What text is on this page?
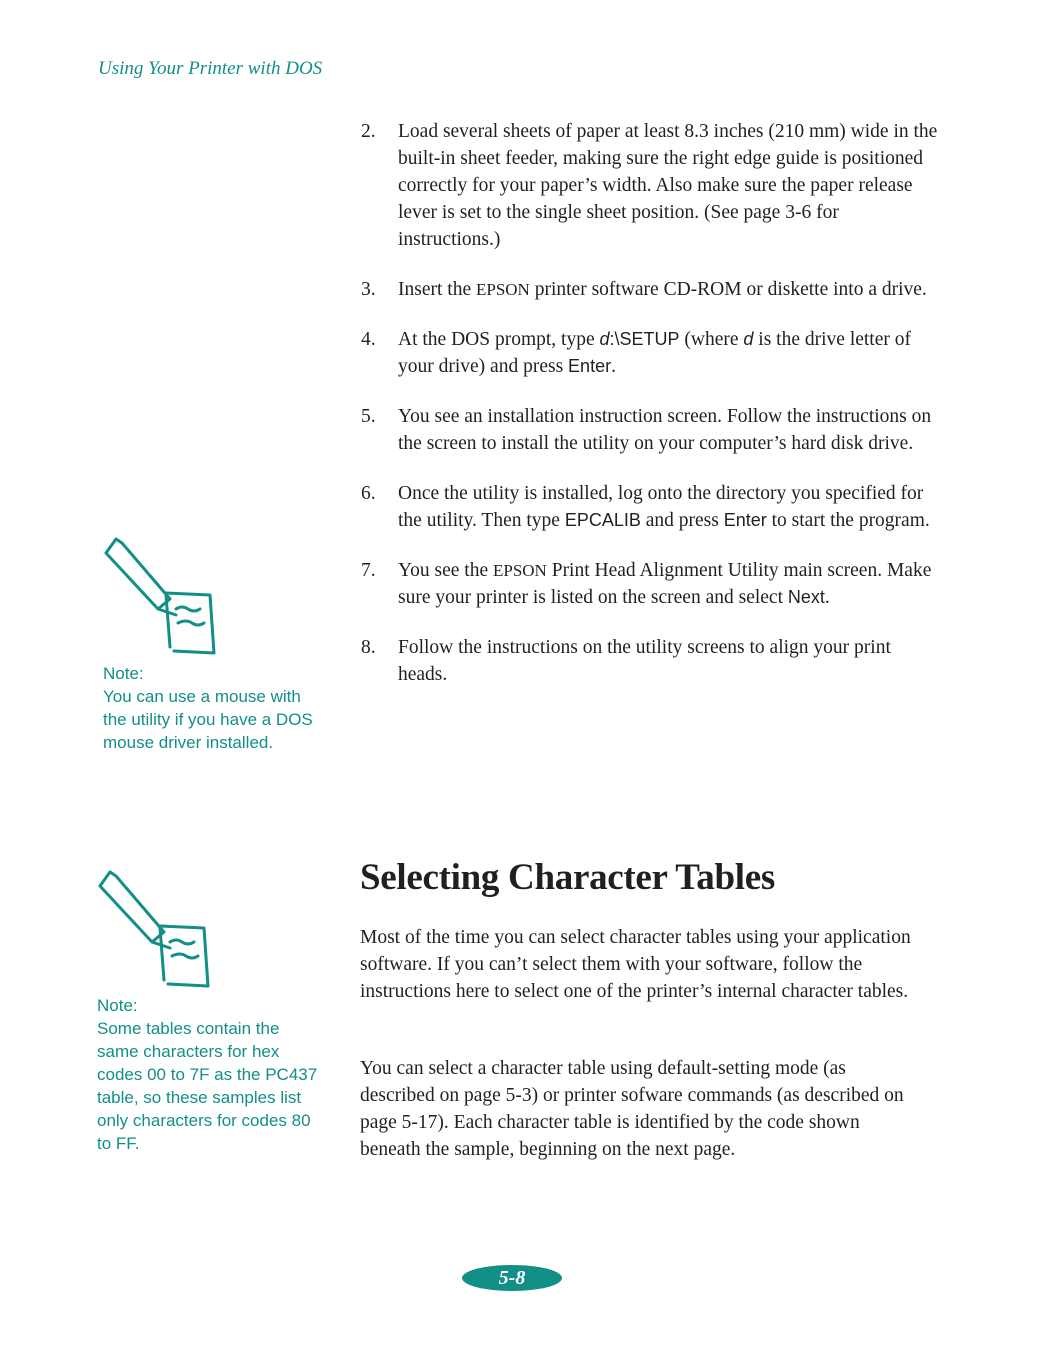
Using Your Printer with DOS
2. Load several sheets of paper at least 8.3 inches (210 mm) wide in the built-in sheet feeder, making sure the right edge guide is positioned correctly for your paper’s width. Also make sure the paper release lever is set to the single sheet position. (See page 3-6 for instructions.)
3. Insert the EPSON printer software CD-ROM or diskette into a drive.
4. At the DOS prompt, type d:\SETUP (where d is the drive letter of your drive) and press Enter.
5. You see an installation instruction screen. Follow the instructions on the screen to install the utility on your computer’s hard disk drive.
6. Once the utility is installed, log onto the directory you specified for the utility. Then type EPCALIB and press Enter to start the program.
7. You see the EPSON Print Head Alignment Utility main screen. Make sure your printer is listed on the screen and select Next.
8. Follow the instructions on the utility screens to align your print heads.
Note:
You can use a mouse with the utility if you have a DOS mouse driver installed.
Note:
Some tables contain the same characters for hex codes 00 to 7F as the PC437 table, so these samples list only characters for codes 80 to FF.
Selecting Character Tables

Most of the time you can select character tables using your application software. If you can’t select them with your software, follow the instructions here to select one of the printer’s internal character tables.

You can select a character table using default-setting mode (as described on page 5-3) or printer sofware commands (as described on page 5-17). Each character table is identified by the code shown beneath the sample, beginning on the next page.

5-8
